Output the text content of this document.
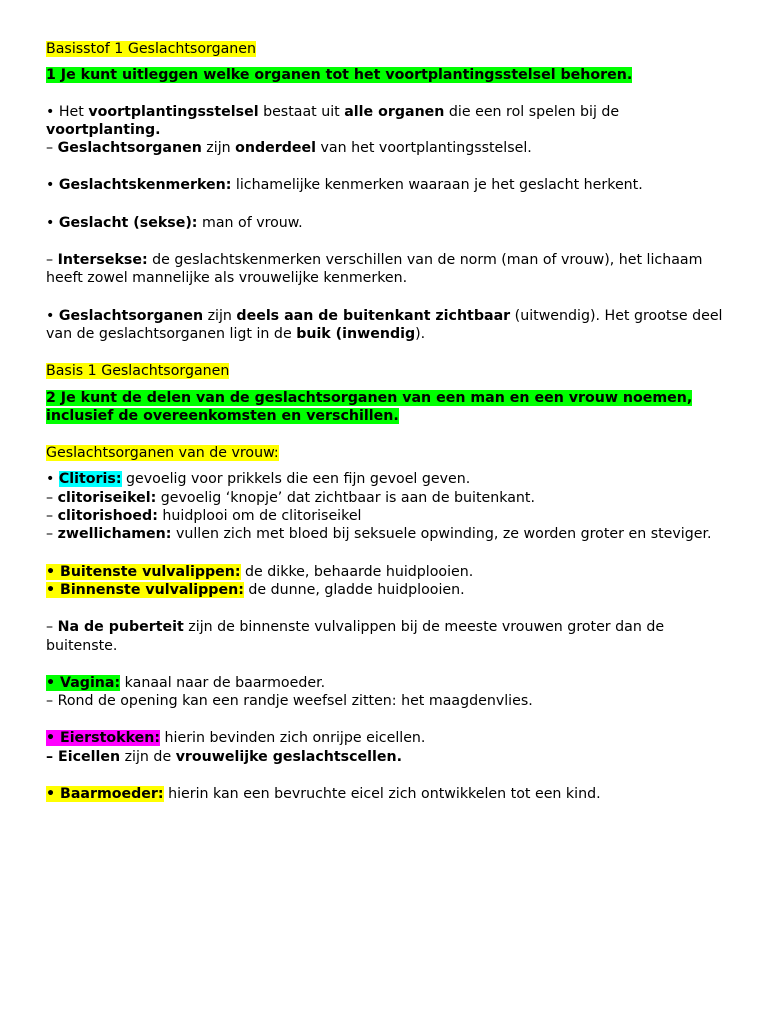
Basisstof 1 Geslachtsorganen

1 Je kunt uitleggen welke organen tot het voortplantingsstelsel behoren.

• Het voortplantingsstelsel bestaat uit alle organen die een rol spelen bij de voortplanting.

– Geslachtsorganen zijn onderdeel van het voortplantingsstelsel.

• Geslachtskenmerken: lichamelijke kenmerken waaraan je het geslacht herkent.

• Geslacht (sekse): man of vrouw.

– Intersekse: de geslachtskenmerken verschillen van de norm (man of vrouw), het lichaam heeft zowel mannelijke als vrouwelijke kenmerken.

• Geslachtsorganen zijn deels aan de buitenkant zichtbaar (uitwendig). Het grootse deel van de geslachtsorganen ligt in de buik (inwendig).

Basis 1 Geslachtsorganen

2 Je kunt de delen van de geslachtsorganen van een man en een vrouw noemen, inclusief de overeenkomsten en verschillen.

Geslachtsorganen van de vrouw:

• Clitoris: gevoelig voor prikkels die een fijn gevoel geven.

– clitoriseikel: gevoelig ‘knopje’ dat zichtbaar is aan de buitenkant.

– clitorishoed: huidplooi om de clitoriseikel

– zwellichamen: vullen zich met bloed bij seksuele opwinding, ze worden groter en steviger.

• Buitenste vulvalippen: de dikke, behaarde huidplooien.

• Binnenste vulvalippen: de dunne, gladde huidplooien.

– Na de puberteit zijn de binnenste vulvalippen bij de meeste vrouwen groter dan de buitenste.

• Vagina: kanaal naar de baarmoeder.

– Rond de opening kan een randje weefsel zitten: het maagdenvlies.

• Eierstokken: hierin bevinden zich onrijpe eicellen.

– Eicellen zijn de vrouwelijke geslachtscellen.

• Baarmoeder: hierin kan een bevruchte eicel zich ontwikkelen tot een kind.
